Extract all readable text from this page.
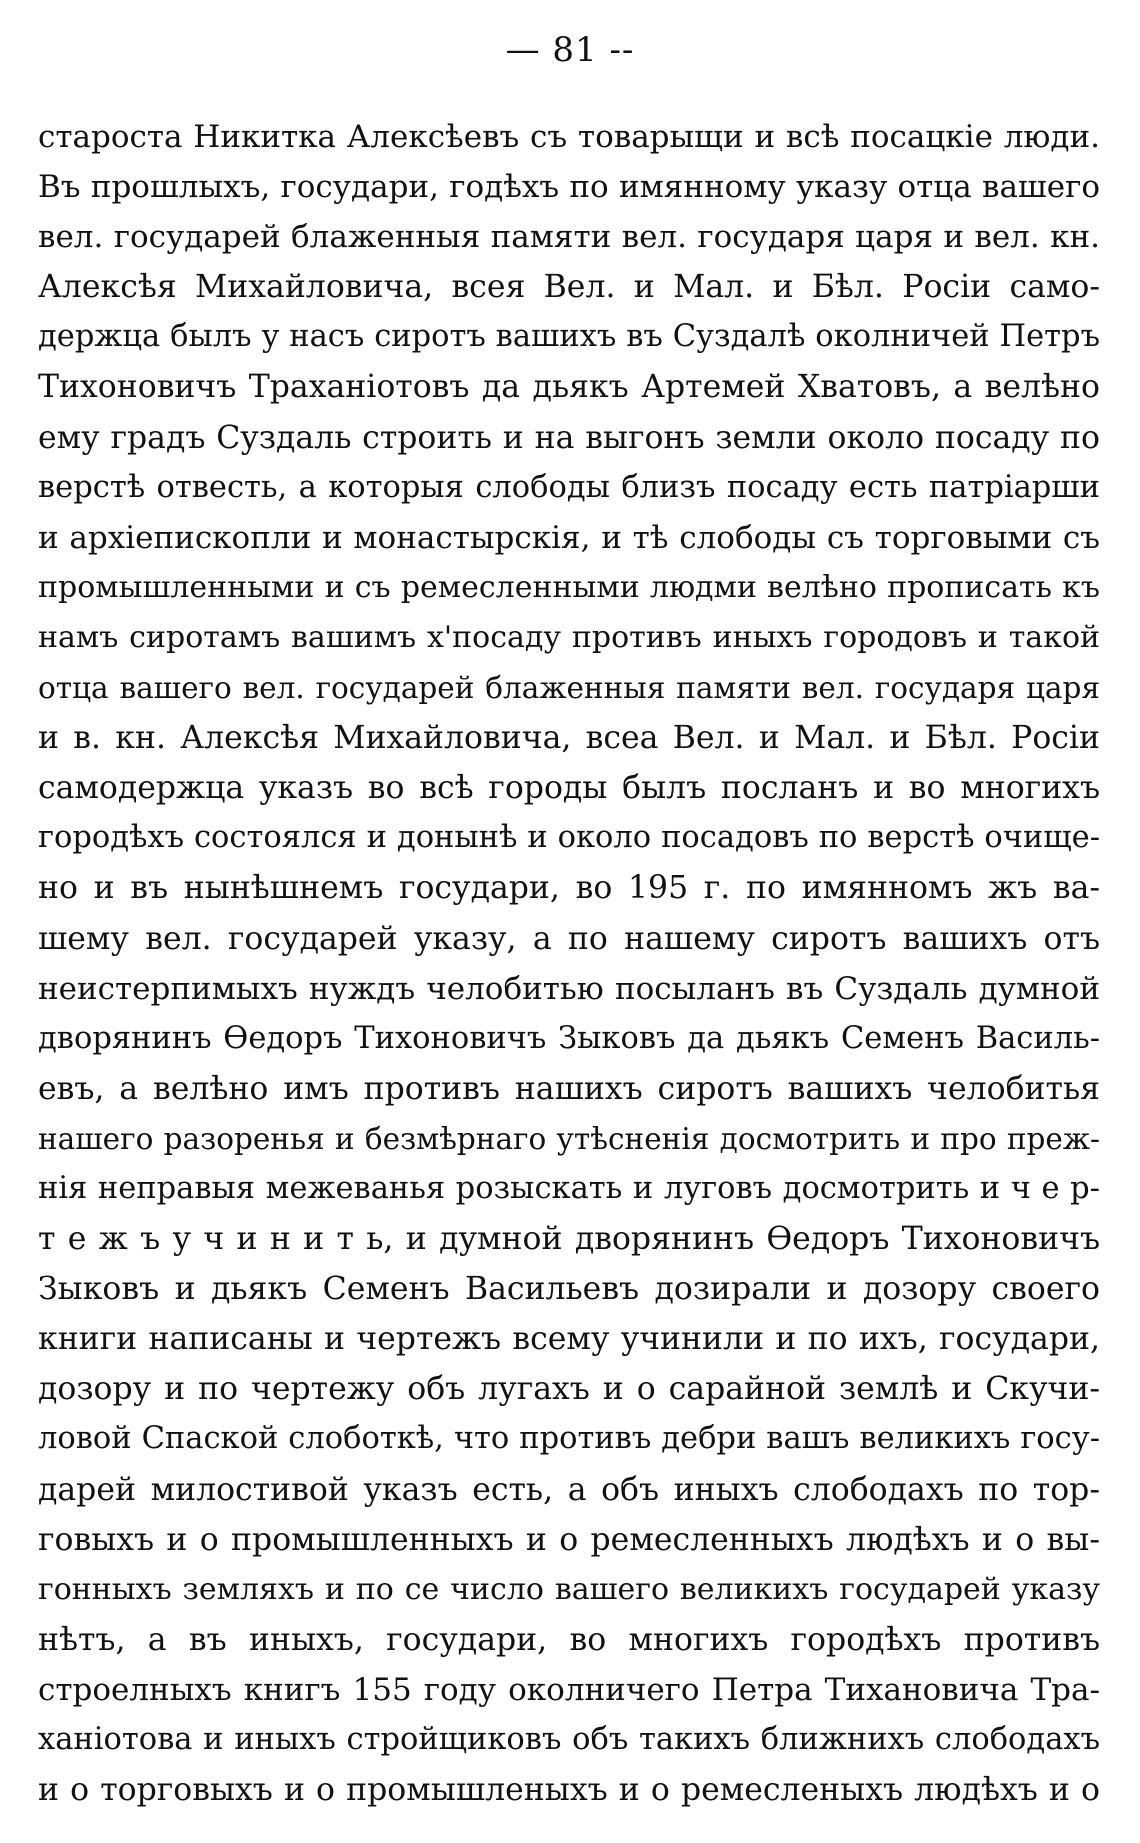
— 81 --
староста Никитка Алексѣевъ съ товарыщи и всѣ посацкіе люди.
Въ прошлыхъ, государи, годѣхъ по имянному указу отца вашего
вел. государей блаженныя памяти вел. государя царя и вел. кн.
Алексѣя Михайловича, всея Вел. и Мал. и Бѣл. Росіи само-
держца былъ у насъ сиротъ вашихъ въ Суздалѣ околничей Петръ
Тихоновичъ Траханіотовъ да дьякъ Артемей Хватовъ, а велѣно
ему градъ Суздаль строить и на выгонъ земли около посаду по
верстѣ отвесть, а которыя слободы близъ посаду есть патріарши
и архіепископли и монастырскія, и тѣ слободы съ торговыми съ
промышленными и съ ремесленными людми велѣно прописать къ
намъ сиротамъ вашимъ х'посаду противъ иныхъ городовъ и такой
отца вашего вел. государей блаженныя памяти вел. государя царя
и в. кн. Алексѣя Михайловича, всеа Вел. и Мал. и Бѣл. Росіи
самодержца указъ во всѣ городы былъ посланъ и во многихъ
городѣхъ состоялся и донынѣ и около посадовъ по верстѣ очище-
но и въ нынѣшнемъ государи, во 195 г. по имянномъ жъ ва-
шему вел. государей указу, а по нашему сиротъ вашихъ отъ
неистерпимыхъ нуждъ челобитью посыланъ въ Суздаль думной
дворянинъ Ѳедоръ Тихоновичъ Зыковъ да дьякъ Семенъ Василь-
евъ, а велѣно имъ противъ нашихъ сиротъ вашихъ челобитья
нашего разоренья и безмѣрнаго утѣсненія досмотрить и про преж-
нія неправыя межеванья розыскать и луговъ досмотрить и ч е р-
т е ж ъ у ч и н и т ь, и думной дворянинъ Ѳедоръ Тихоновичъ
Зыковъ и дьякъ Семенъ Васильевъ дозирали и дозору своего
книги написаны и чертежъ всему учинили и по ихъ, государи,
дозору и по чертежу объ лугахъ и о сарайной землѣ и Скучи-
ловой Спаской слоботкѣ, что противъ дебри вашъ великихъ госу-
дарей милостивой указъ есть, а объ иныхъ слободахъ по тор-
говыхъ и о промышленныхъ и о ремесленныхъ людѣхъ и о вы-
гонныхъ земляхъ и по се число вашего великихъ государей указу
нѣтъ, а въ иныхъ, государи, во многихъ городѣхъ противъ
строелныхъ книгъ 155 году околничего Петра Тихановича Тра-
ханіотова и иныхъ стройщиковъ объ такихъ ближнихъ слободахъ
и о торговыхъ и о промышленыхъ и о ремесленыхъ людѣхъ и о
